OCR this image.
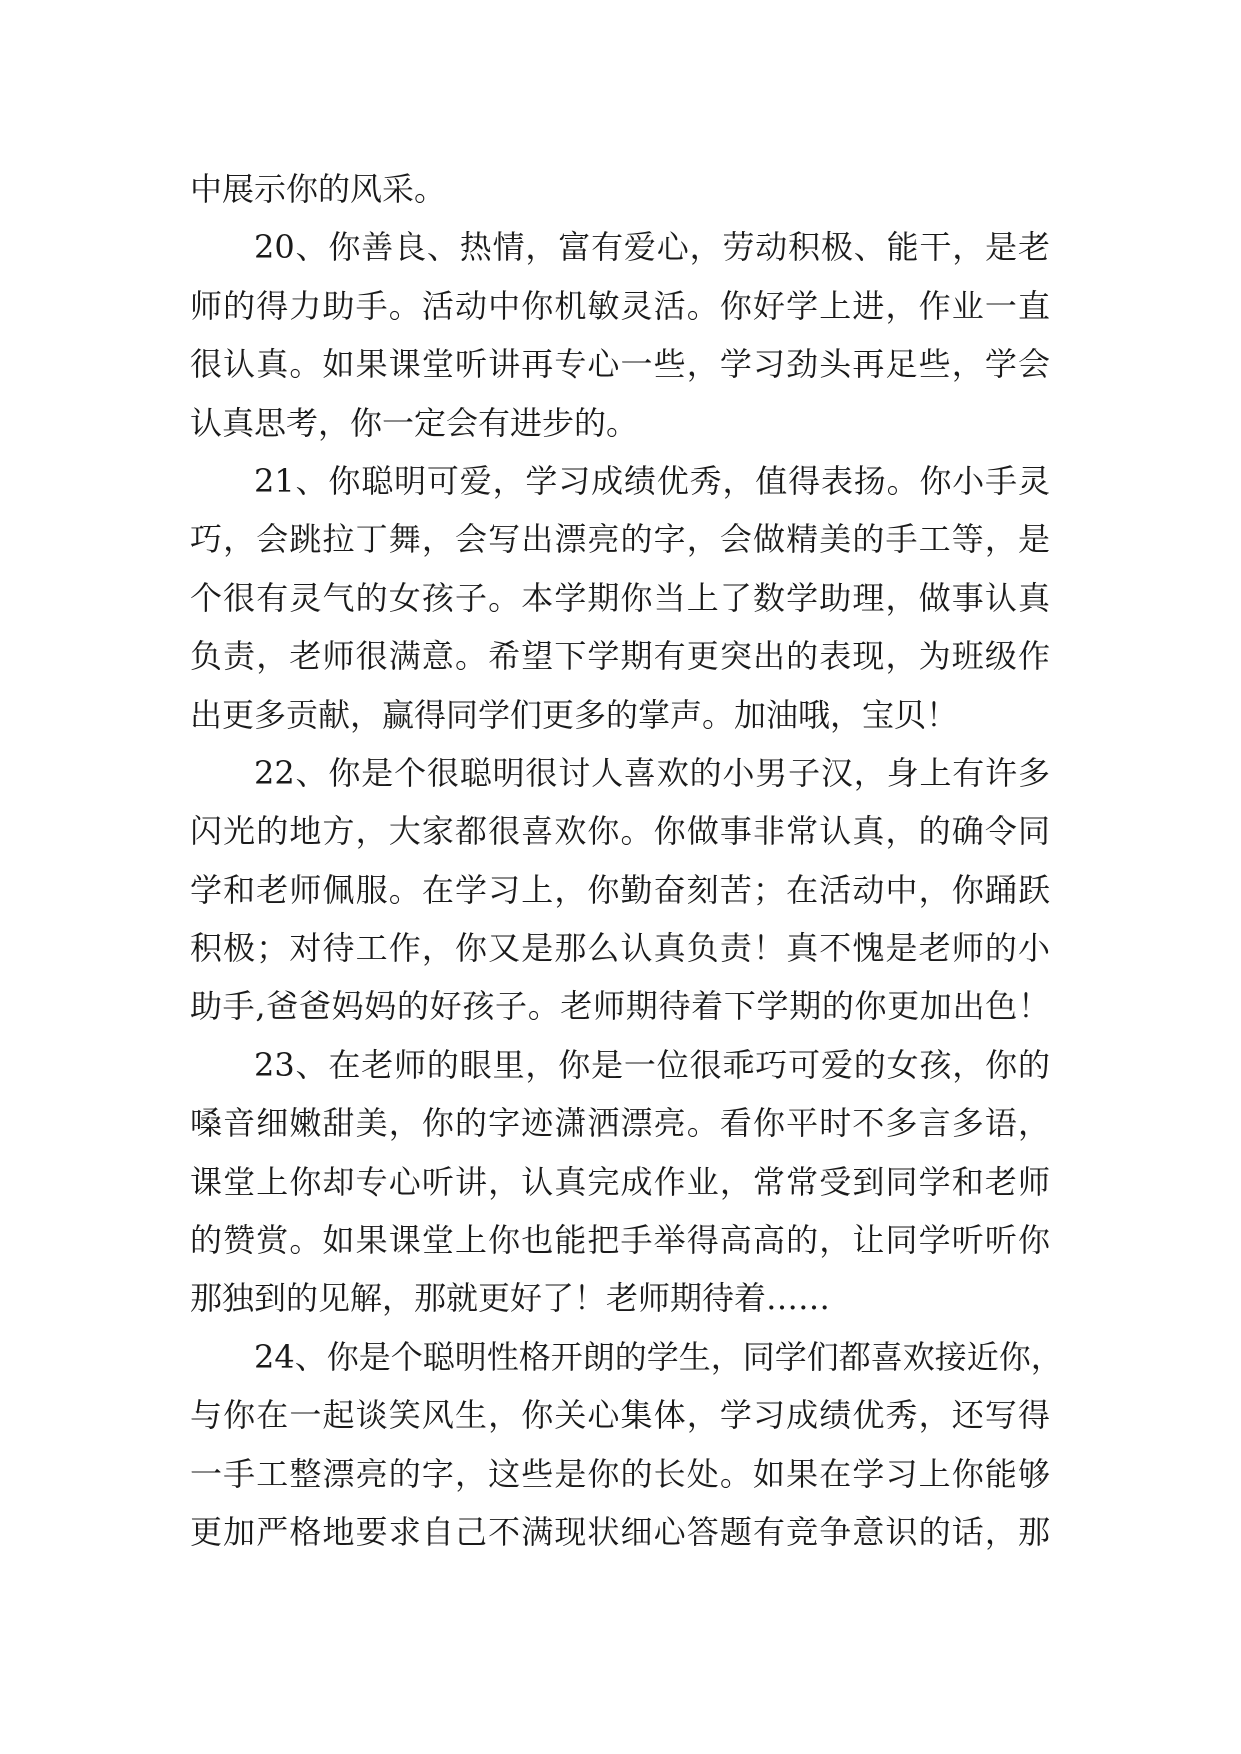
中展示你的风采。
20、你善良、热情，富有爱心，劳动积极、能干，是老
师的得力助手。活动中你机敏灵活。你好学上进，作业一直
很认真。如果课堂听讲再专心一些，学习劲头再足些，学会
认真思考，你一定会有进步的。
21、你聪明可爱，学习成绩优秀，值得表扬。你小手灵
巧，会跳拉丁舞，会写出漂亮的字，会做精美的手工等，是
个很有灵气的女孩子。本学期你当上了数学助理，做事认真
负责，老师很满意。希望下学期有更突出的表现，为班级作
出更多贡献，赢得同学们更多的掌声。加油哦，宝贝！
22、你是个很聪明很讨人喜欢的小男子汉，身上有许多
闪光的地方，大家都很喜欢你。你做事非常认真，的确令同
学和老师佩服。在学习上，你勤奋刻苦；在活动中，你踊跃
积极；对待工作，你又是那么认真负责！真不愧是老师的小
助手,爸爸妈妈的好孩子。老师期待着下学期的你更加出色！
23、在老师的眼里，你是一位很乖巧可爱的女孩，你的
嗓音细嫩甜美，你的字迹潇洒漂亮。看你平时不多言多语，
课堂上你却专心听讲，认真完成作业，常常受到同学和老师
的赞赏。如果课堂上你也能把手举得高高的，让同学听听你
那独到的见解，那就更好了！老师期待着……
24、你是个聪明性格开朗的学生，同学们都喜欢接近你，
与你在一起谈笑风生，你关心集体，学习成绩优秀，还写得
一手工整漂亮的字，这些是你的长处。如果在学习上你能够
更加严格地要求自己不满现状细心答题有竞争意识的话，那
